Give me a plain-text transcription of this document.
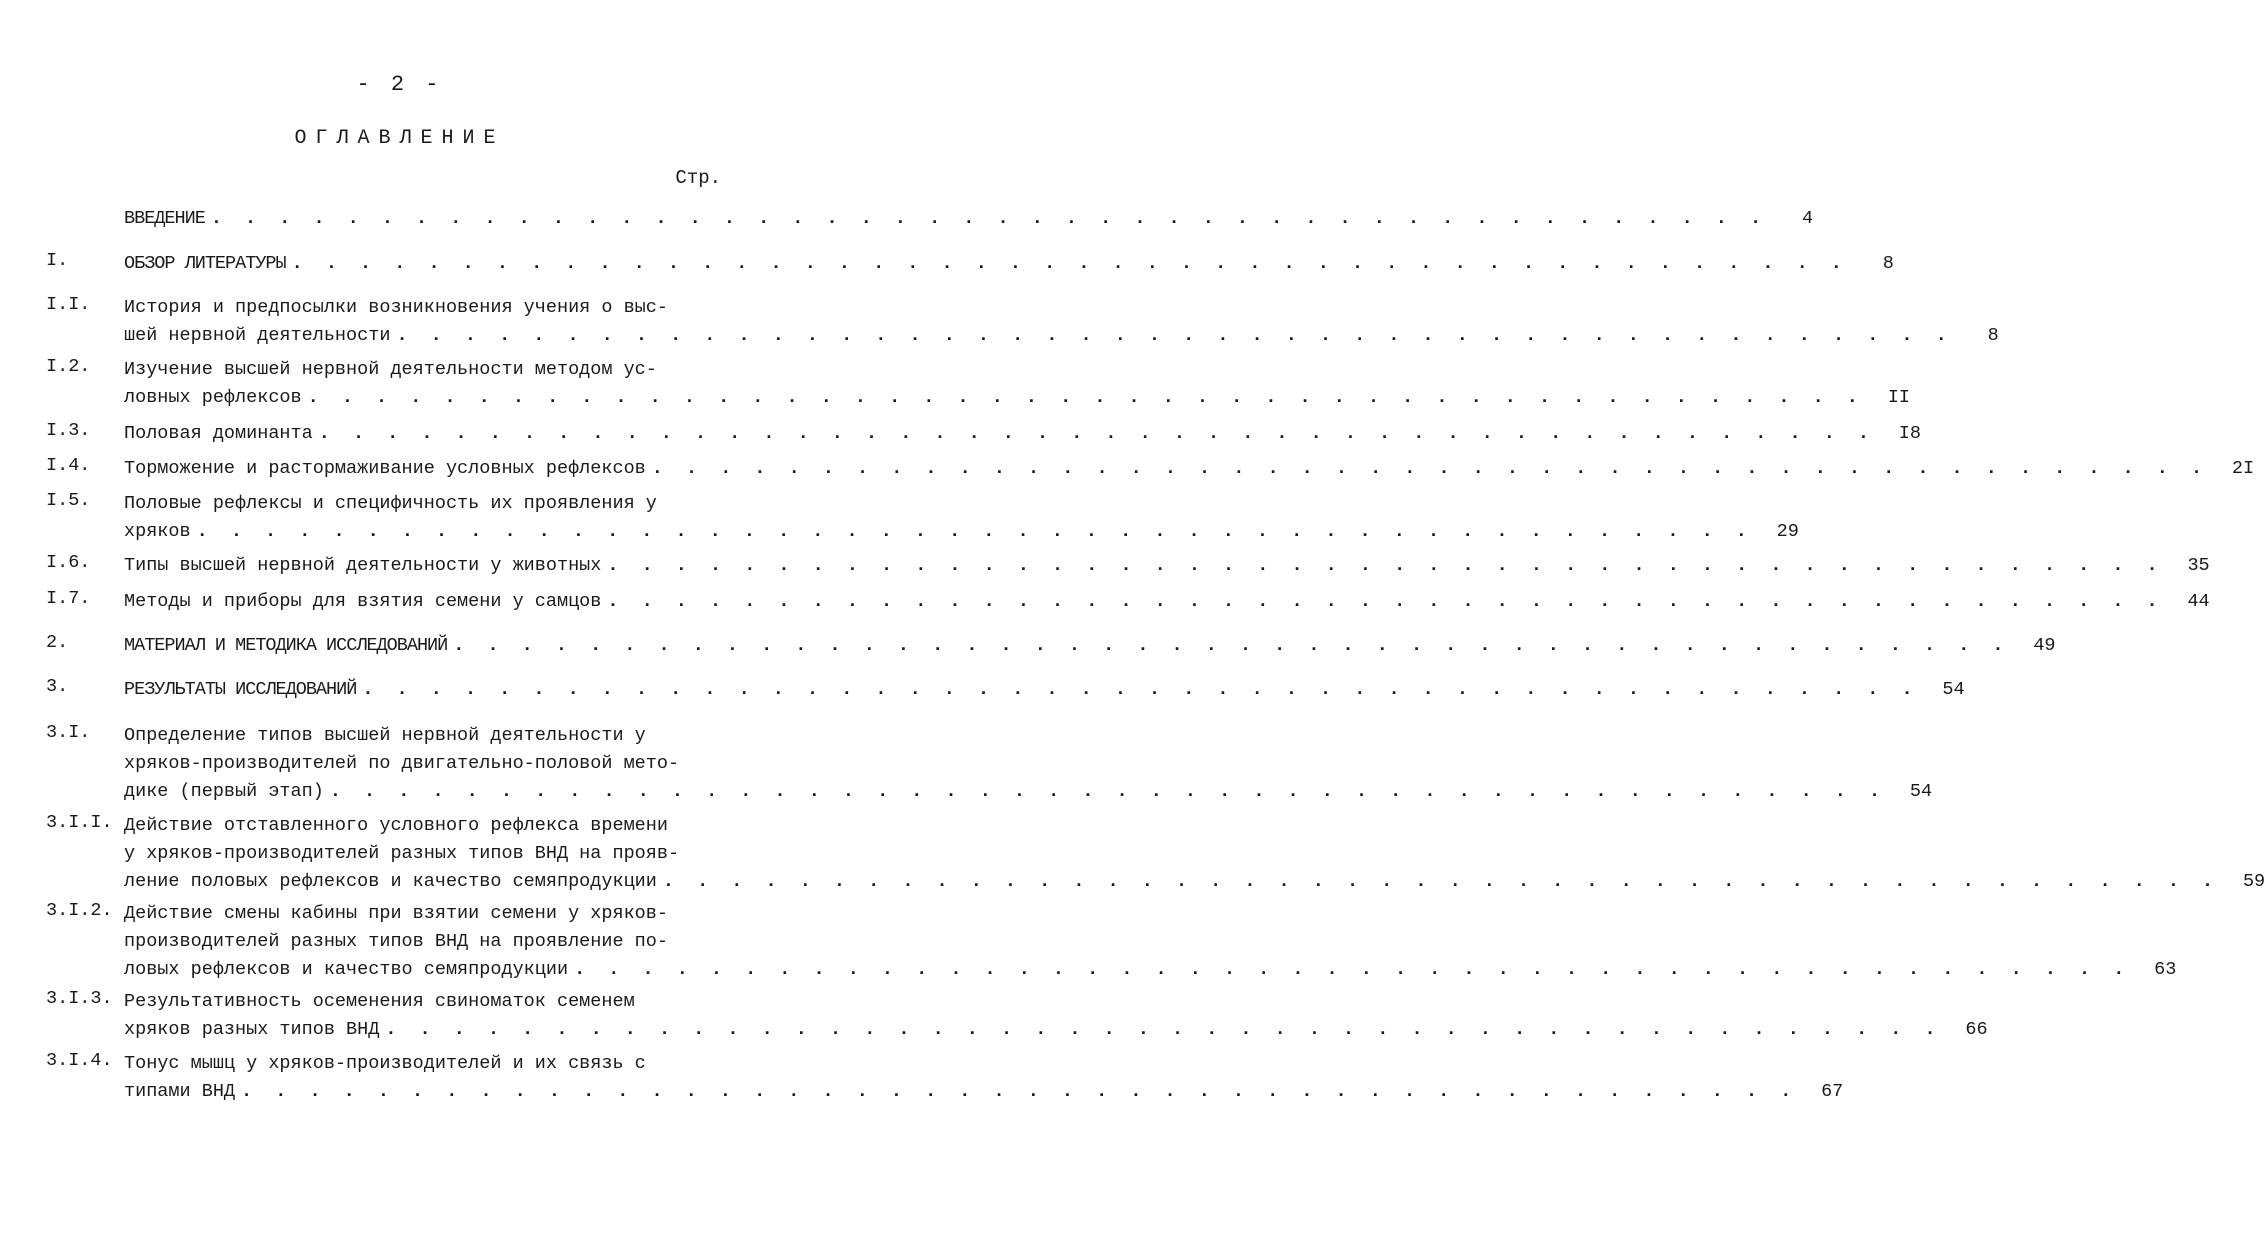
- 2 -
ОГЛАВЛЕНИЕ
Стр.
ВВЕДЕНИЕ . . . . . . . . . . . . . . . . . . . . . . . . . . . . . . . . . . . . . . . . . . . . . .	4
I.	ОБЗОР ЛИТЕРАТУРЫ . . . . . . . . . . . . . . . . . . . . . . . . . . . . . . . . . . . . . . . . . . . . . .	8
I.I.	История и предпосылки возникновения учения о выс-
шей нервной деятельности . . . . . . . . . . . . . . . . . . . . . . . . . . . . . . . . . . . . . . . . . . . . . .	8
I.2.	Изучение высшей нервной деятельности методом ус-
ловных рефлексов . . . . . . . . . . . . . . . . . . . . . . . . . . . . . . . . . . . . . . . . . . . . . .	II
I.3.	Половая доминанта . . . . . . . . . . . . . . . . . . . . . . . . . . . . . . . . . . . . . . . . . . . . . .	I8
I.4.	Торможение и растормаживание условных рефлексов . . . . . . . . . . . . . . . . . . . . . . . . . . . . . . . . . . . . . . . . . . . . . .	2I
I.5.	Половые рефлексы и специфичность их проявления у
хряков . . . . . . . . . . . . . . . . . . . . . . . . . . . . . . . . . . . . . . . . . . . . . .	29
I.6.	Типы высшей нервной деятельности у животных . . . . . . . . . . . . . . . . . . . . . . . . . . . . . . . . . . . . . . . . . . . . . .	35
I.7.	Методы и приборы для взятия семени у самцов . . . . . . . . . . . . . . . . . . . . . . . . . . . . . . . . . . . . . . . . . . . . . .	44
2.	МАТЕРИАЛ И МЕТОДИКА ИССЛЕДОВАНИЙ . . . . . . . . . . . . . . . . . . . . . . . . . . . . . . . . . . . . . . . . . . . . . .	49
3.	РЕЗУЛЬТАТЫ ИССЛЕДОВАНИЙ . . . . . . . . . . . . . . . . . . . . . . . . . . . . . . . . . . . . . . . . . . . . . .	54
3.I.	Определение типов высшей нервной деятельности у
хряков-производителей по двигательно-половой мето-
дике (первый этап) . . . . . . . . . . . . . . . . . . . . . . . . . . . . . . . . . . . . . . . . . . . . . .	54
3.I.I. Действие отставленного условного рефлекса времени
у хряков-производителей разных типов ВНД на прояв-
ление половых рефлексов и качество семяпродукции . . . . . . . . . . . . . . . . . . . . . . . . . . . . . . . . . . . . . . . . . . . . . .	59
3.I.2. Действие смены кабины при взятии семени у хряков-
производителей разных типов ВНД на проявление по-
ловых рефлексов и качество семяпродукции . . . . . . . . . . . . . . . . . . . . . . . . . . . . . . . . . . . . . . . . . . . . . .	63
3.I.3. Результативность осеменения свиноматок семенем
хряков разных типов ВНД . . . . . . . . . . . . . . . . . . . . . . . . . . . . . . . . . . . . . . . . . . . . . .	66
3.I.4. Тонус мышц у хряков-производителей и их связь с
типами ВНД . . . . . . . . . . . . . . . . . . . . . . . . . . . . . . . . . . . . . . . . . . . . . .	67
